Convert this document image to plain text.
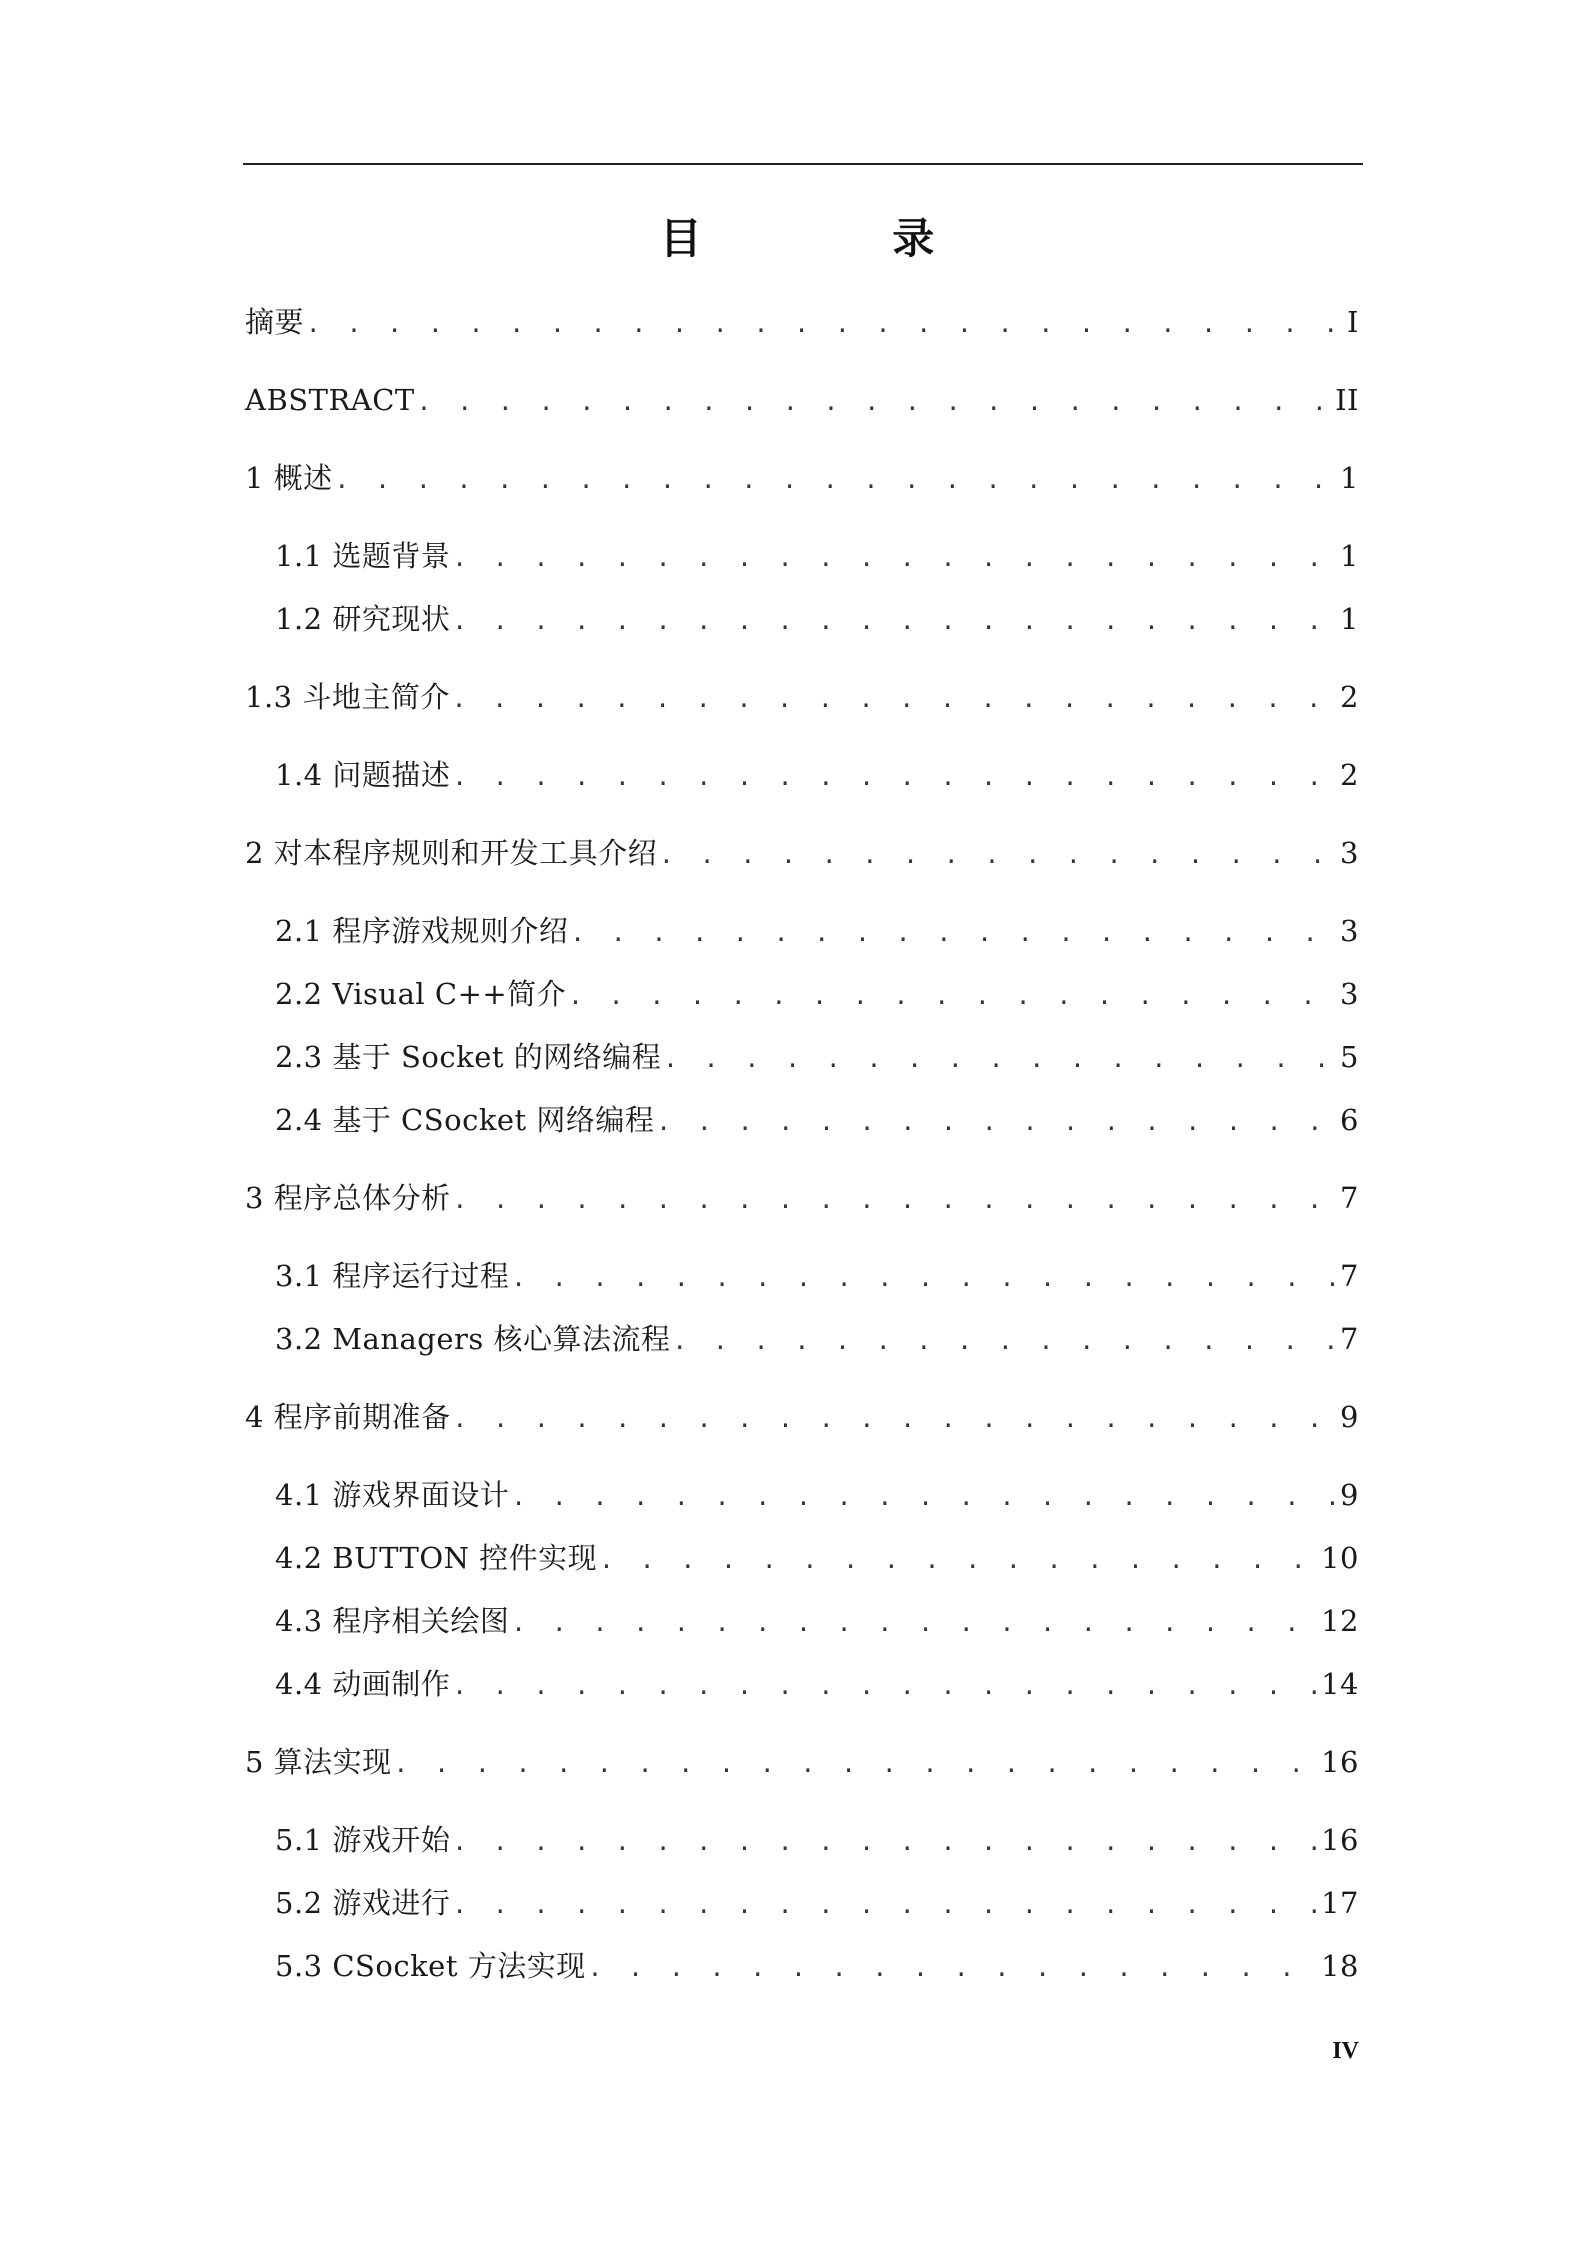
目 录
摘要 . . .	I
ABSTRACT . . .	II
1 概述 . . .	1
1.1 选题背景 . . .	1
1.2 研究现状 . . .	1
1.3 斗地主简介 . . .	2
1.4 问题描述 . . .	2
2 对本程序规则和开发工具介绍 . . .	3
2.1 程序游戏规则介绍 . . .	3
2.2 Visual C++简介 . . .	3
2.3 基于 Socket 的网络编程 . . .	5
2.4 基于 CSocket 网络编程 . . .	6
3 程序总体分析 . . .	7
3.1 程序运行过程 . . .	7
3.2 Managers 核心算法流程 . . .	7
4 程序前期准备 . . .	9
4.1 游戏界面设计 . . .	9
4.2 BUTTON 控件实现 . . .	10
4.3 程序相关绘图 . . .	12
4.4 动画制作 . . .	14
5 算法实现 . . .	16
5.1 游戏开始 . . .	16
5.2 游戏进行 . . .	17
5.3 CSocket 方法实现 . . .	18
IV
